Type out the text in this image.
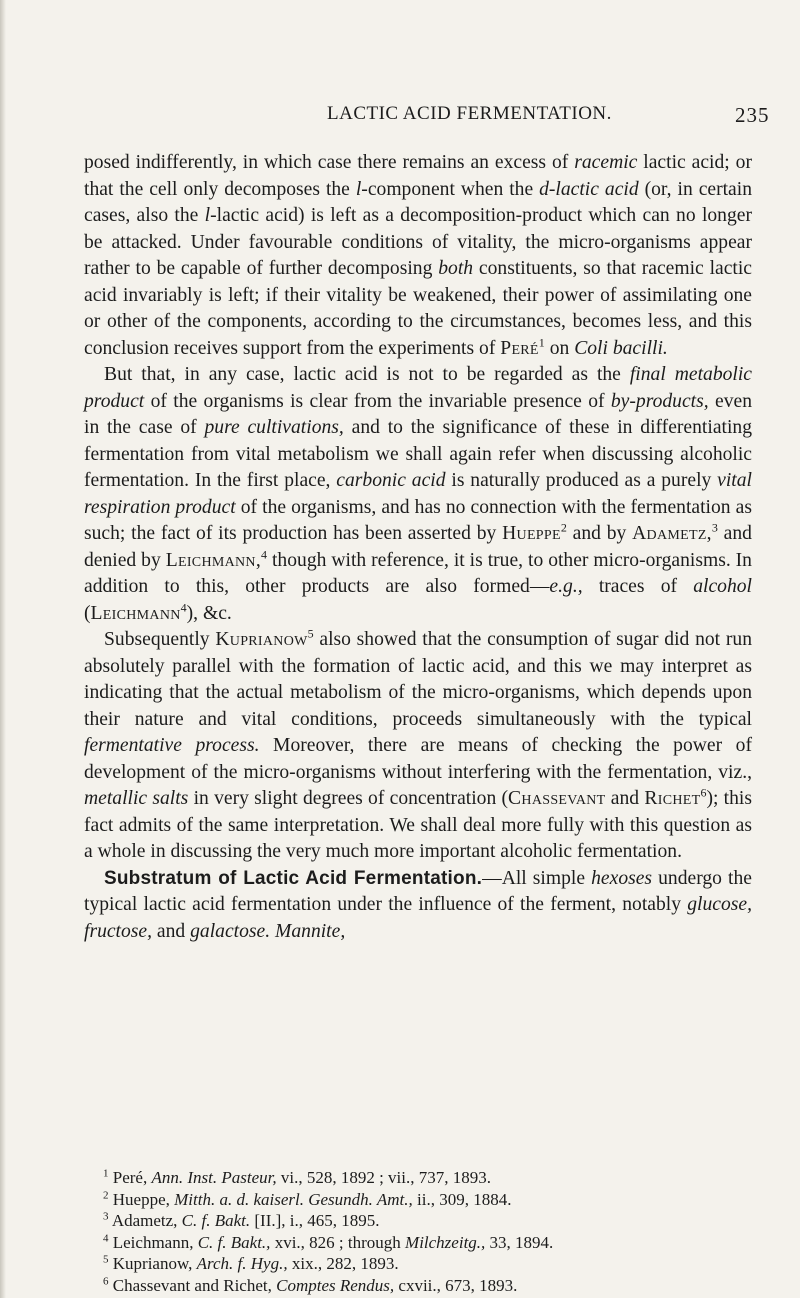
LACTIC ACID FERMENTATION.	235

posed indifferently, in which case there remains an excess of racemic lactic acid; or that the cell only decomposes the l-component when the d-lactic acid (or, in certain cases, also the l-lactic acid) is left as a decomposition-product which can no longer be attacked. Under favourable conditions of vitality, the micro-organisms appear rather to be capable of further decomposing both constituents, so that racemic lactic acid invariably is left; if their vitality be weakened, their power of assimilating one or other of the components, according to the circumstances, becomes less, and this conclusion receives support from the experiments of Peré$^1$ on Coli bacilli.

But that, in any case, lactic acid is not to be regarded as the final metabolic product of the organisms is clear from the invariable presence of by-products, even in the case of pure cultivations, and to the significance of these in differentiating fermentation from vital metabolism we shall again refer when discussing alcoholic fermentation. In the first place, carbonic acid is naturally produced as a purely vital respiration product of the organisms, and has no connection with the fermentation as such; the fact of its production has been asserted by Hueppe$^2$ and by Adametz,$^3$ and denied by Leichmann,$^4$ though with reference, it is true, to other micro-organisms. In addition to this, other products are also formed—e.g., traces of alcohol (Leichmann$^4$), &c.

Subsequently Kuprianow$^5$ also showed that the consumption of sugar did not run absolutely parallel with the formation of lactic acid, and this we may interpret as indicating that the actual metabolism of the micro-organisms, which depends upon their nature and vital conditions, proceeds simultaneously with the typical fermentative process. Moreover, there are means of checking the power of development of the micro-organisms without interfering with the fermentation, viz., metallic salts in very slight degrees of concentration (Chassevant and Richet$^6$); this fact admits of the same interpretation. We shall deal more fully with this question as a whole in discussing the very much more important alcoholic fermentation.

Substratum of Lactic Acid Fermentation.—All simple hexoses undergo the typical lactic acid fermentation under the influence of the ferment, notably glucose, fructose, and galactose. Mannite,

$^1$ Peré, Ann. Inst. Pasteur, vi., 528, 1892 ; vii., 737, 1893.
$^2$ Hueppe, Mitth. a. d. kaiserl. Gesundh. Amt., ii., 309, 1884.
$^3$ Adametz, C. f. Bakt. [II.], i., 465, 1895.
$^4$ Leichmann, C. f. Bakt., xvi., 826 ; through Milchzeitg., 33, 1894.
$^5$ Kuprianow, Arch. f. Hyg., xix., 282, 1893.
$^6$ Chassevant and Richet, Comptes Rendus, cxvii., 673, 1893.
